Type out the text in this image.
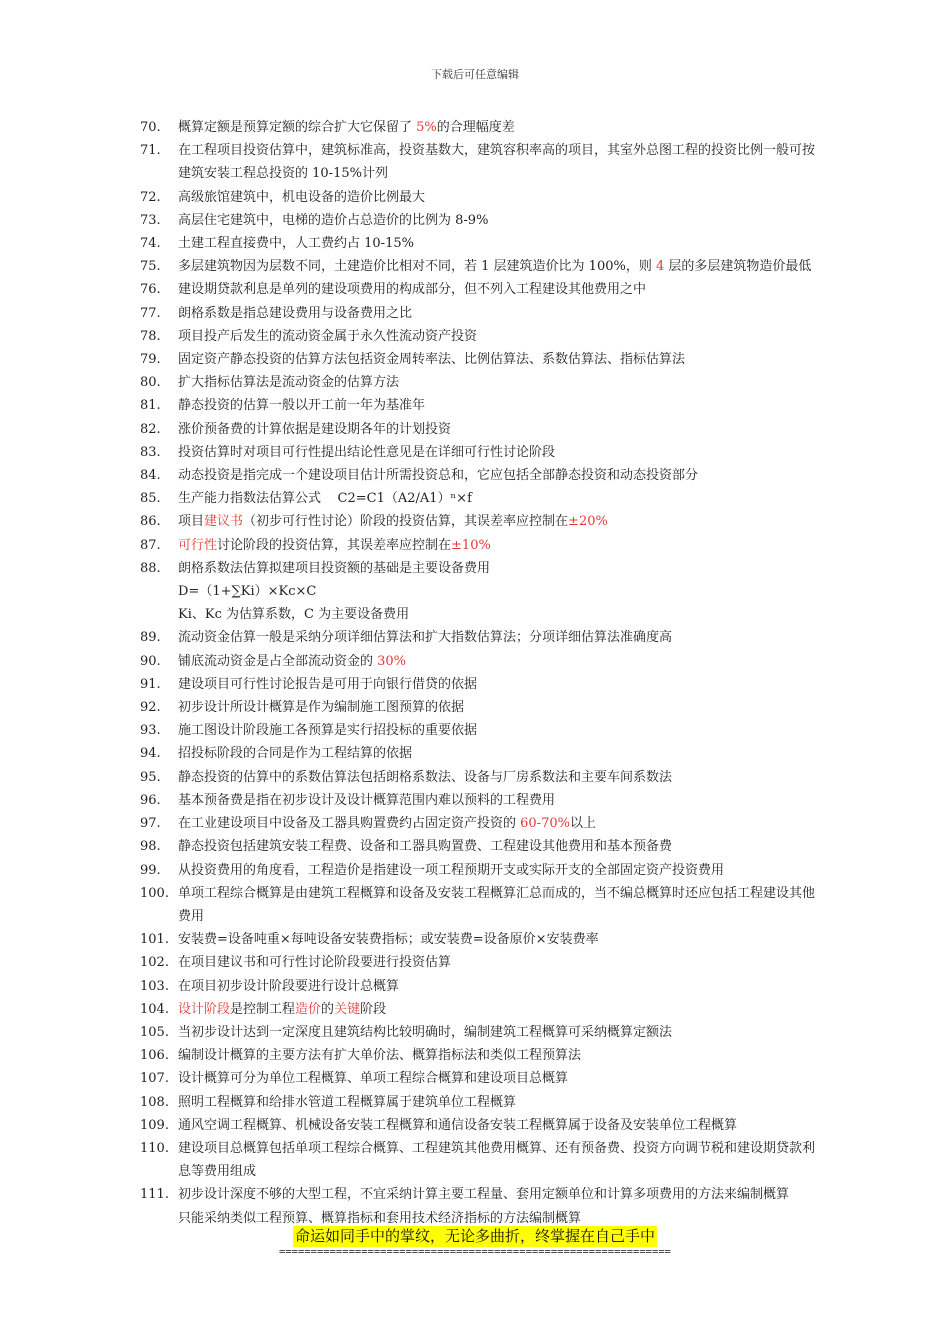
下载后可任意编辑
70.	概算定额是预算定额的综合扩大它保留了 5%的合理幅度差
71.	在工程项目投资估算中，建筑标准高，投资基数大，建筑容积率高的项目，其室外总图工程的投资比例一般可按
建筑安装工程总投资的 10-15%计列
72.	高级旅馆建筑中，机电设备的造价比例最大
73.	高层住宅建筑中，电梯的造价占总造价的比例为 8-9%
74.	土建工程直接费中，人工费约占 10-15%
75.	多层建筑物因为层数不同，土建造价比相对不同，若 1 层建筑造价比为 100%，则 4 层的多层建筑物造价最低
76.	建设期贷款利息是单列的建设项费用的构成部分，但不列入工程建设其他费用之中
77.	朗格系数是指总建设费用与设备费用之比
78.	项目投产后发生的流动资金属于永久性流动资产投资
79.	固定资产静态投资的估算方法包括资金周转率法、比例估算法、系数估算法、指标估算法
80.	扩大指标估算法是流动资金的估算方法
81.	静态投资的估算一般以开工前一年为基准年
82.	涨价预备费的计算依据是建设期各年的计划投资
83.	投资估算时对项目可行性提出结论性意见是在详细可行性讨论阶段
84.	动态投资是指完成一个建设项目估计所需投资总和，它应包括全部静态投资和动态投资部分
85.	生产能力指数法估算公式    C2=C1（A2/A1）ⁿ×f
86.	项目建议书（初步可行性讨论）阶段的投资估算，其误差率应控制在±20%
87.	可行性讨论阶段的投资估算，其误差率应控制在±10%
88.	朗格系数法估算拟建项目投资额的基础是主要设备费用
D=（1+∑Ki）×Kc×C
Ki、Kc 为估算系数，C 为主要设备费用
89.	流动资金估算一般是采纳分项详细估算法和扩大指数估算法；分项详细估算法准确度高
90.	铺底流动资金是占全部流动资金的 30%
91.	建设项目可行性讨论报告是可用于向银行借贷的依据
92.	初步设计所设计概算是作为编制施工图预算的依据
93.	施工图设计阶段施工各预算是实行招投标的重要依据
94.	招投标阶段的合同是作为工程结算的依据
95.	静态投资的估算中的系数估算法包括朗格系数法、设备与厂房系数法和主要车间系数法
96.	基本预备费是指在初步设计及设计概算范围内难以预料的工程费用
97.	在工业建设项目中设备及工器具购置费约占固定资产投资的 60-70%以上
98.	静态投资包括建筑安装工程费、设备和工器具购置费、工程建设其他费用和基本预备费
99.	从投资费用的角度看，工程造价是指建设一项工程预期开支或实际开支的全部固定资产投资费用
100. 单项工程综合概算是由建筑工程概算和设备及安装工程概算汇总而成的，当不编总概算时还应包括工程建设其他
费用
101. 安装费=设备吨重×每吨设备安装费指标；或安装费=设备原价×安装费率
102. 在项目建议书和可行性讨论阶段要进行投资估算
103. 在项目初步设计阶段要进行设计总概算
104. 设计阶段是控制工程造价的关键阶段
105. 当初步设计达到一定深度且建筑结构比较明确时，编制建筑工程概算可采纳概算定额法
106. 编制设计概算的主要方法有扩大单价法、概算指标法和类似工程预算法
107. 设计概算可分为单位工程概算、单项工程综合概算和建设项目总概算
108. 照明工程概算和给排水管道工程概算属于建筑单位工程概算
109. 通风空调工程概算、机械设备安装工程概算和通信设备安装工程概算属于设备及安装单位工程概算
110. 建设项目总概算包括单项工程综合概算、工程建筑其他费用概算、还有预备费、投资方向调节税和建设期贷款利
息等费用组成
111. 初步设计深度不够的大型工程，不宜采纳计算主要工程量、套用定额单位和计算多项费用的方法来编制概算
只能采纳类似工程预算、概算指标和套用技术经济指标的方法编制概算
命运如同手中的掌纹，无论多曲折，终掌握在自己手中
==============================================================
